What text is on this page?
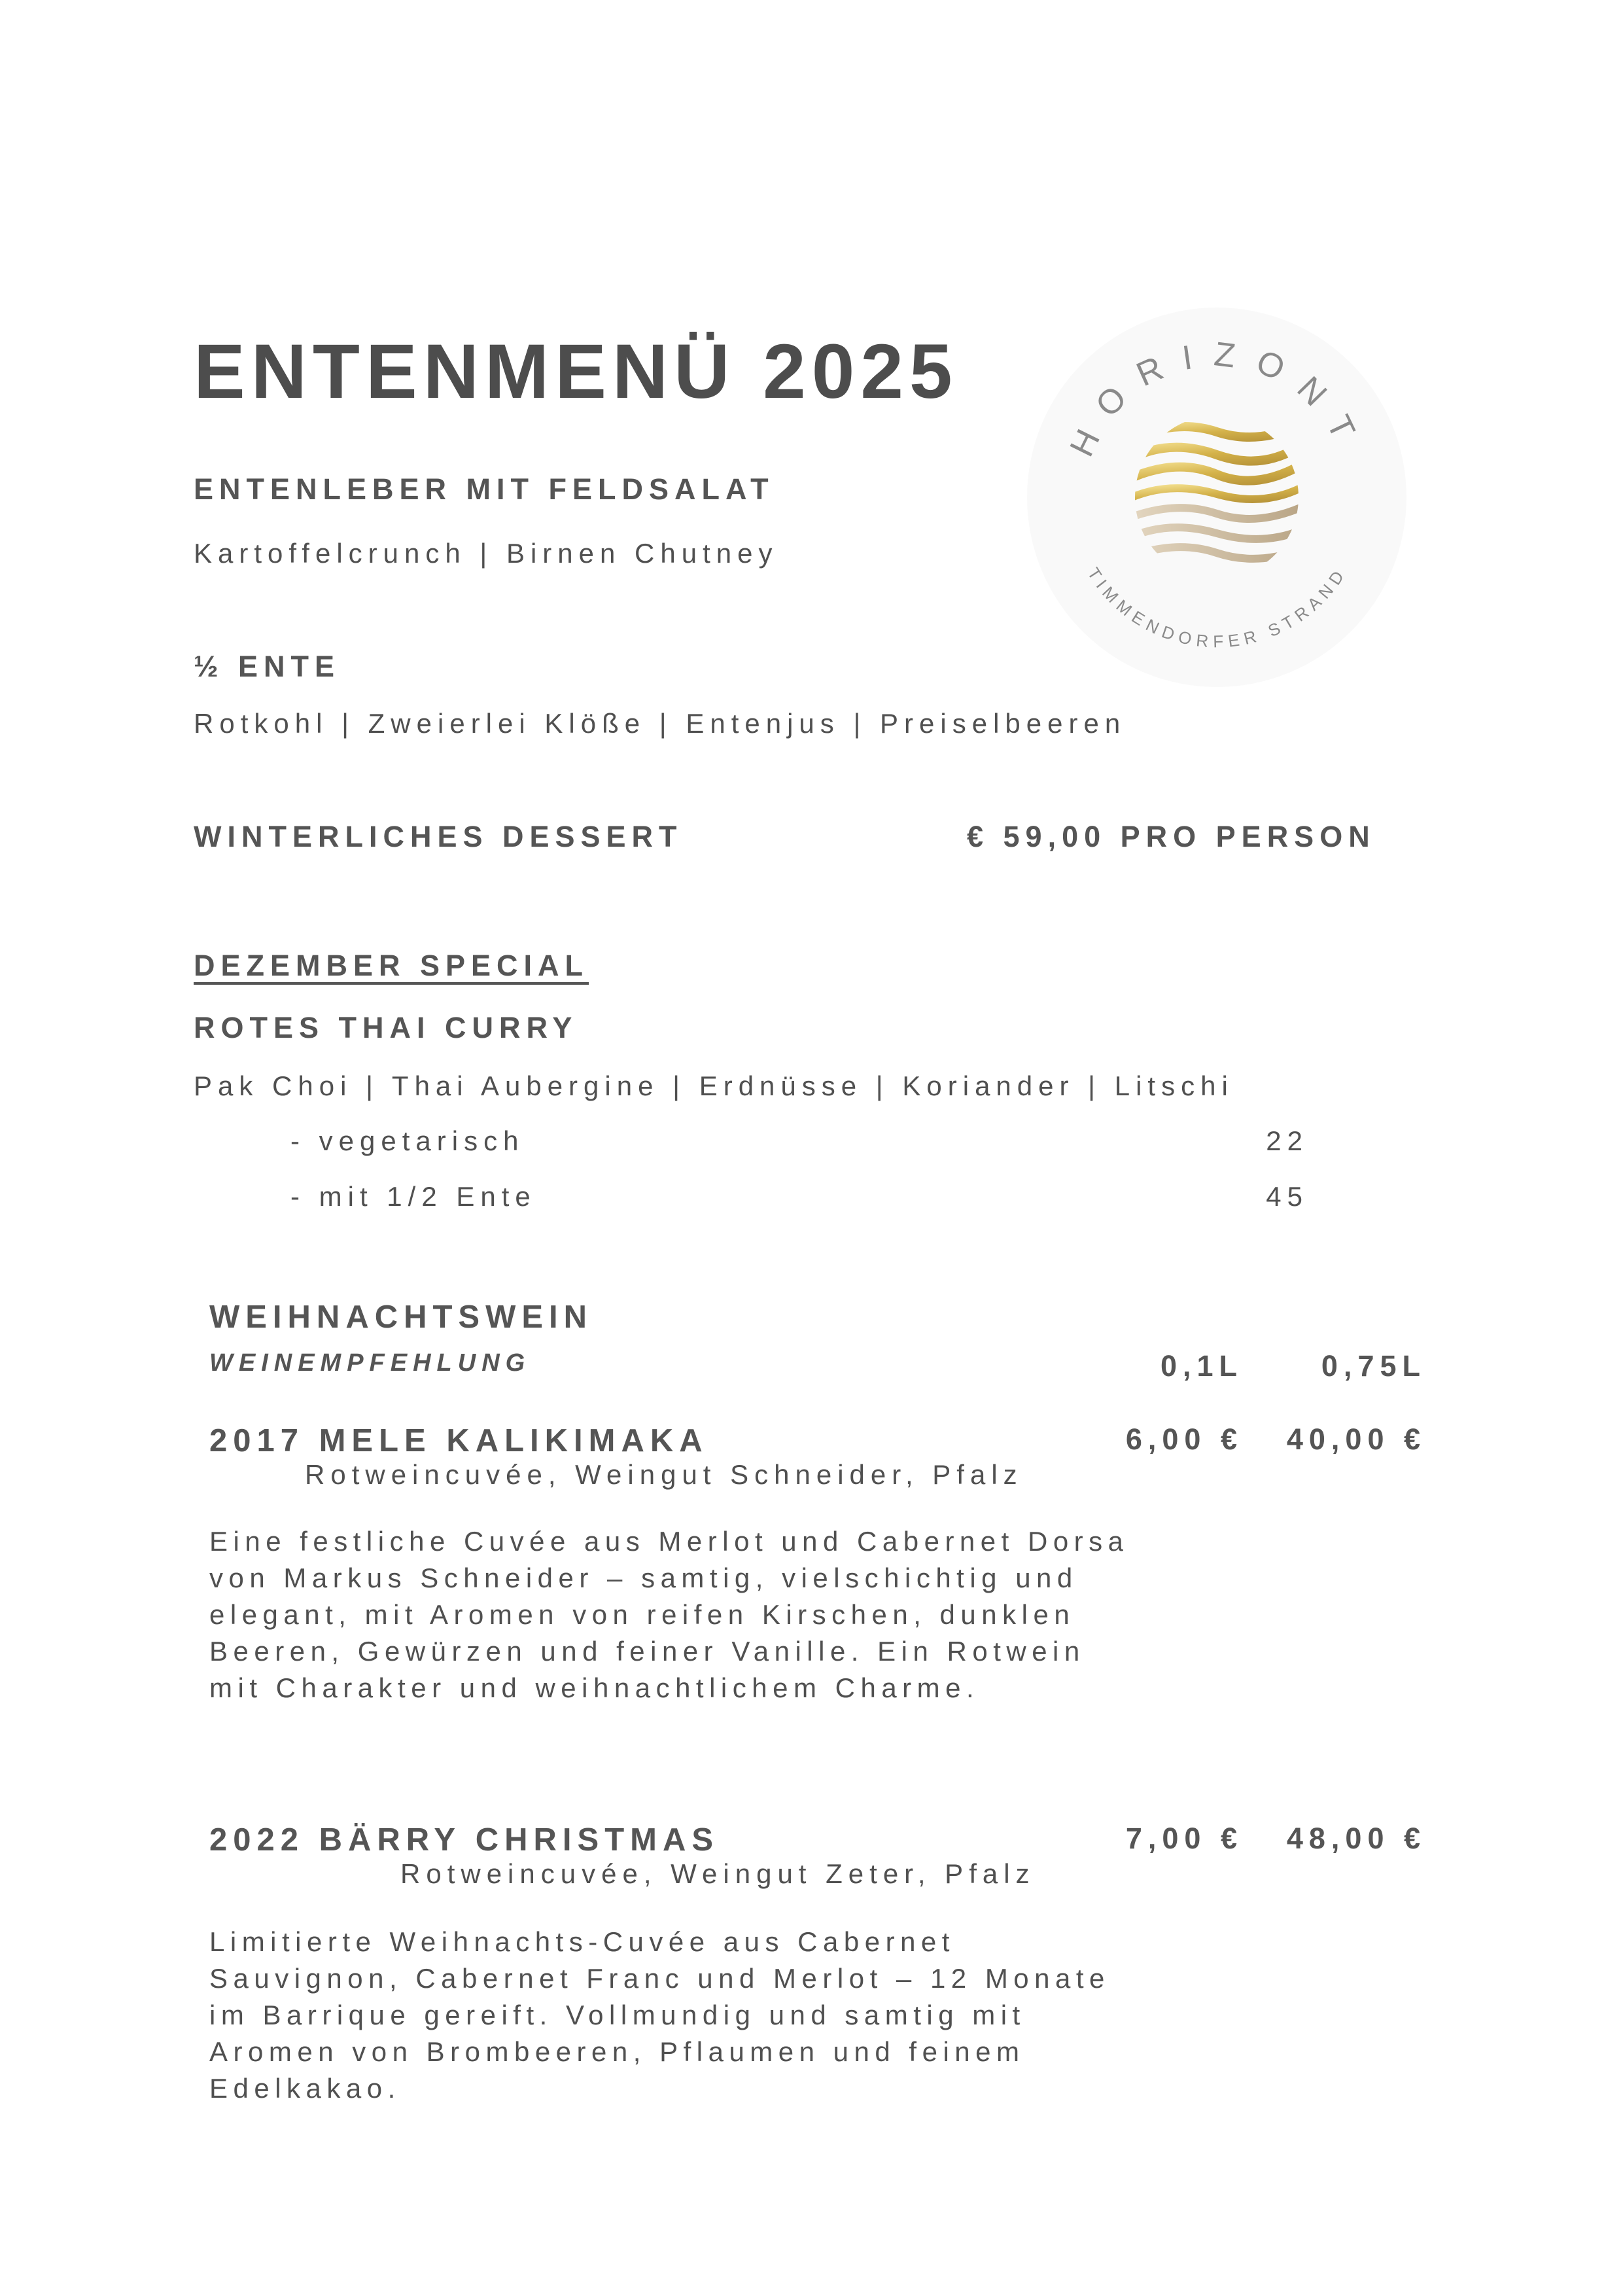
ENTENMENÜ 2025
HORIZONT
TIMMENDORFER STRAND
ENTENLEBER MIT FELDSALAT
Kartoffelcrunch | Birnen Chutney
½ ENTE
Rotkohl | Zweierlei Klöße | Entenjus | Preiselbeeren
WINTERLICHES DESSERT	€ 59,00 PRO PERSON
DEZEMBER SPECIAL
ROTES THAI CURRY
Pak Choi | Thai Aubergine | Erdnüsse | Koriander | Litschi
- vegetarisch	22
- mit 1/2 Ente	45
WEIHNACHTSWEIN
WEINEMPFEHLUNG	0,1L	0,75L
2017 MELE KALIKIMAKA	6,00 €	40,00 €
Rotweincuvée, Weingut Schneider, Pfalz
Eine festliche Cuvée aus Merlot und Cabernet Dorsa von Markus Schneider – samtig, vielschichtig und elegant, mit Aromen von reifen Kirschen, dunklen Beeren, Gewürzen und feiner Vanille. Ein Rotwein mit Charakter und weihnachtlichem Charme.
2022 BÄRRY CHRISTMAS	7,00 €	48,00 €
Rotweincuvée, Weingut Zeter, Pfalz
Limitierte Weihnachts-Cuvée aus Cabernet Sauvignon, Cabernet Franc und Merlot – 12 Monate im Barrique gereift. Vollmundig und samtig mit Aromen von Brombeeren, Pflaumen und feinem Edelkakao.
